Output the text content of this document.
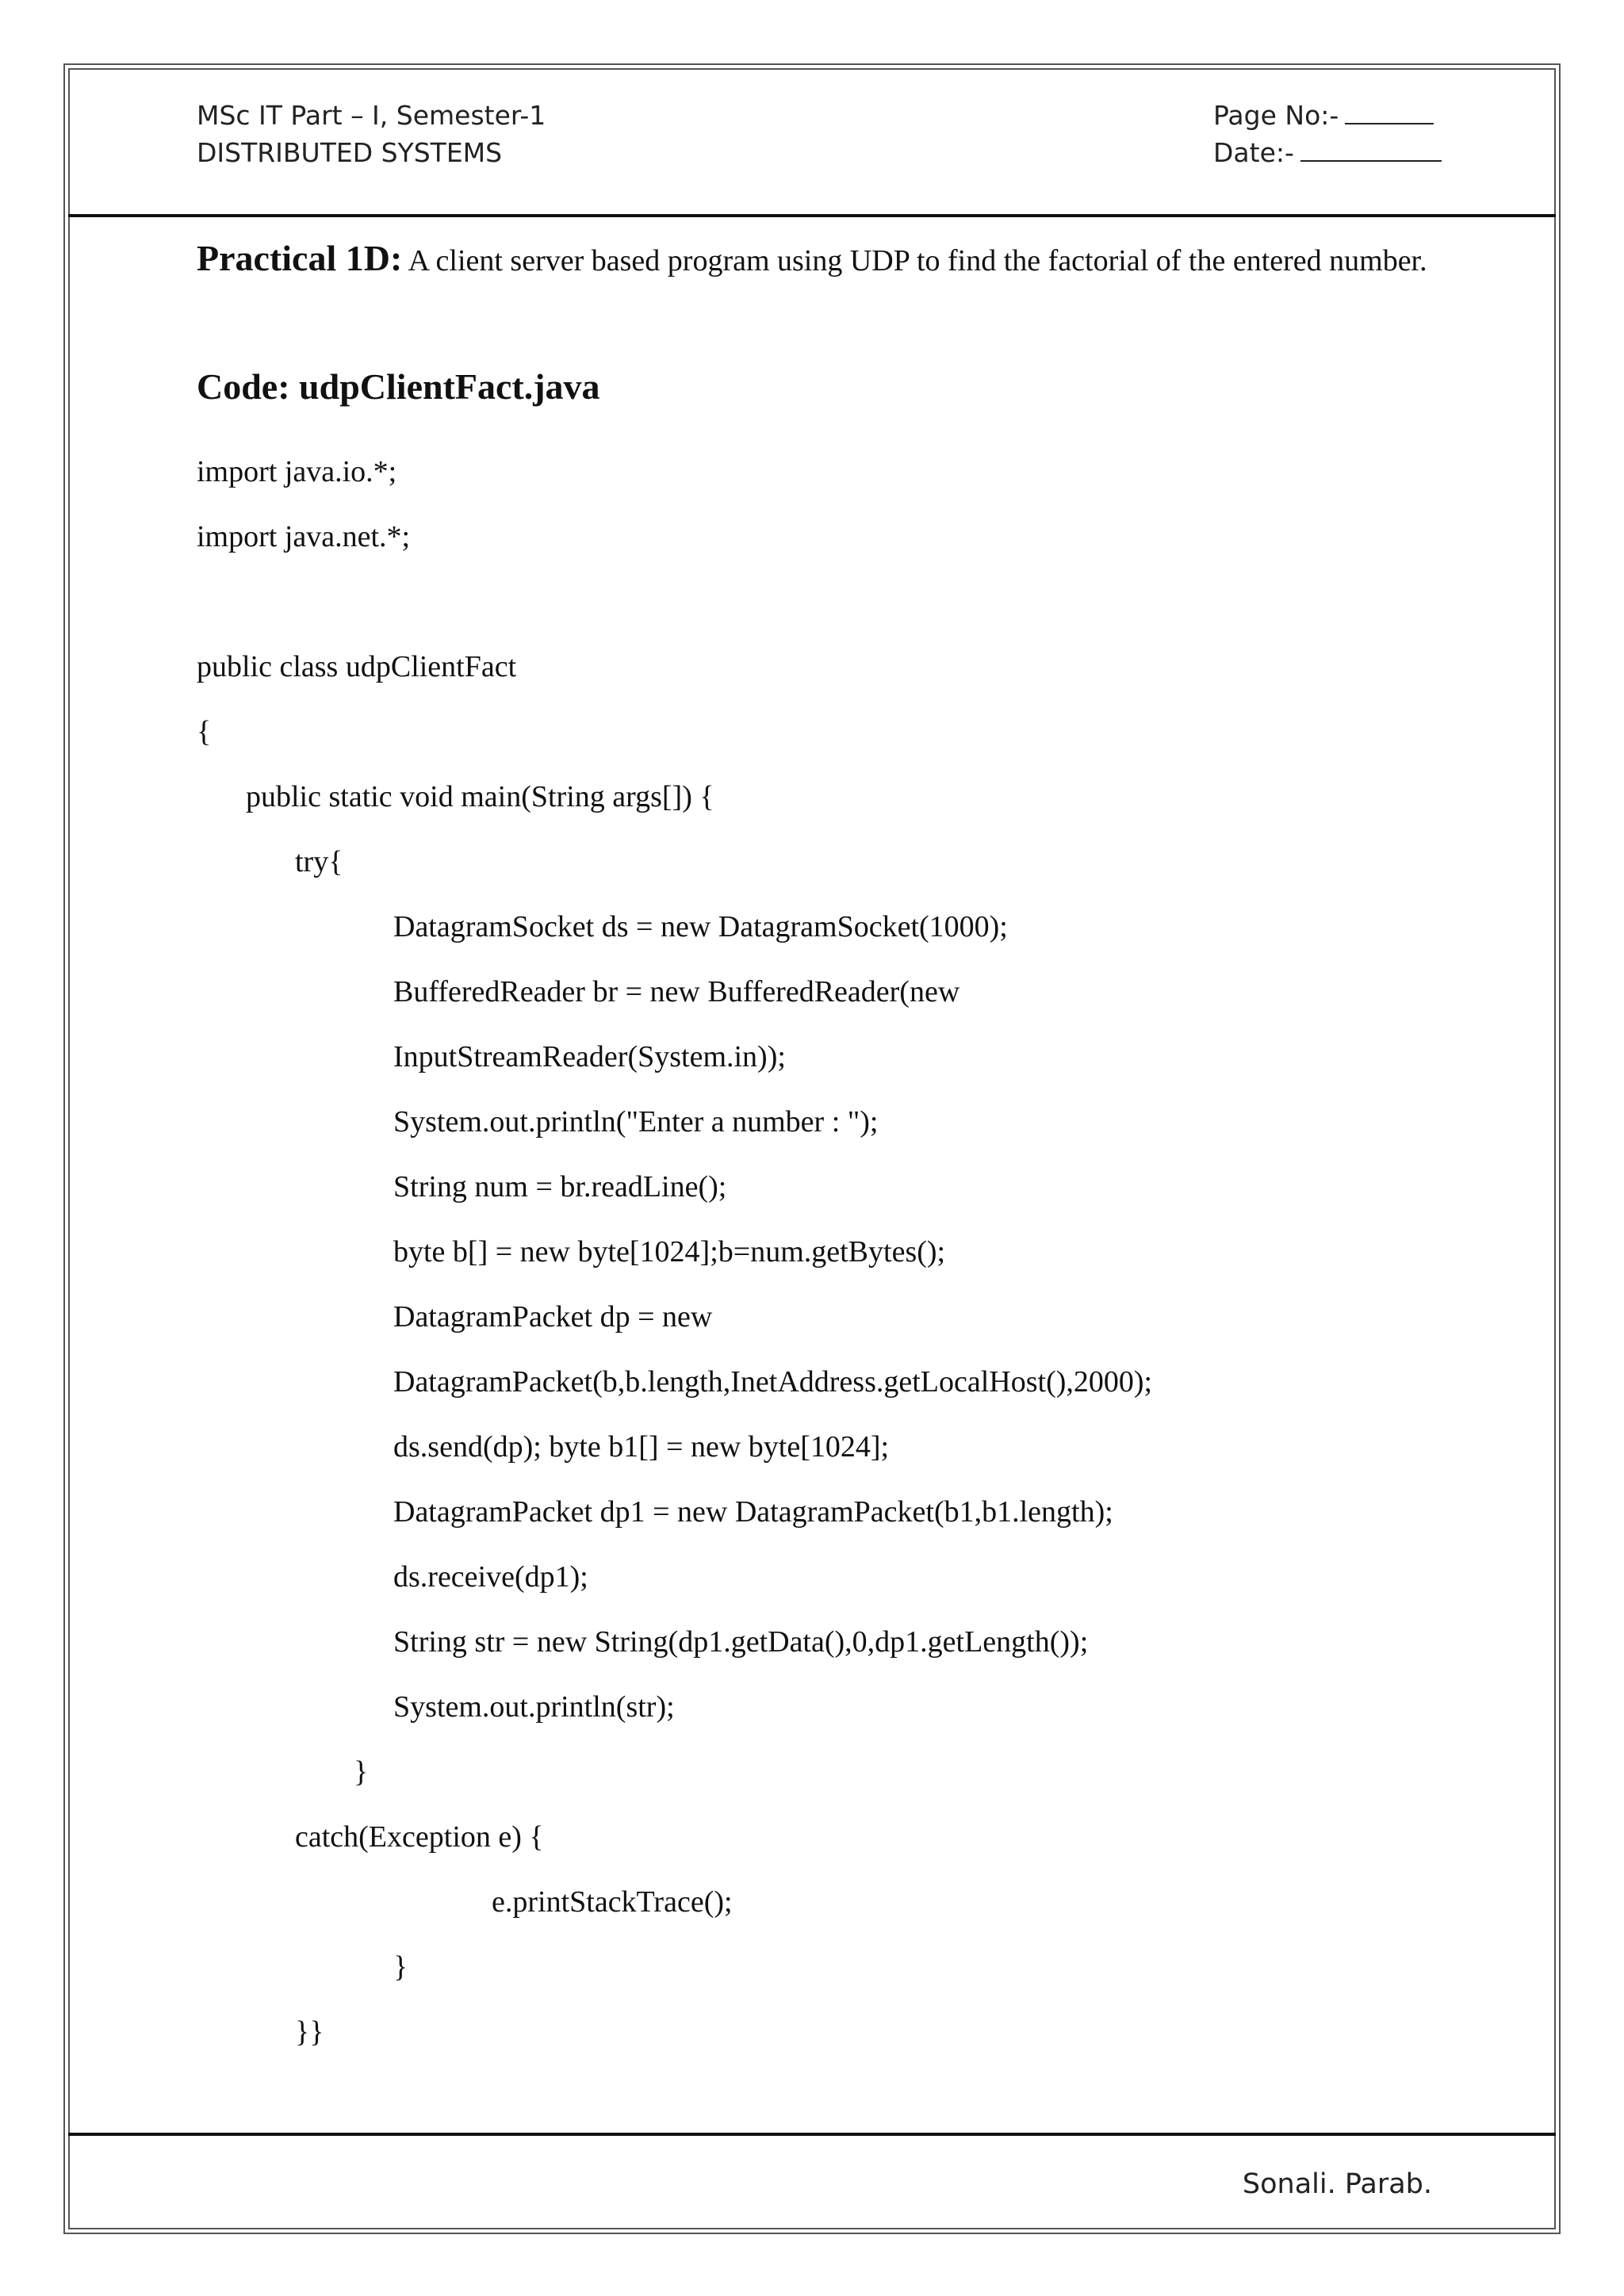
MSc IT Part – I, Semester-1
DISTRIBUTED SYSTEMS
Page No:-
Date:-
Practical 1D: A client server based program using UDP to find the factorial of the entered number.
Code: udpClientFact.java
import java.io.*;
import java.net.*;
public class udpClientFact
{
public static void main(String args[]) {
try{
DatagramSocket ds = new DatagramSocket(1000);
BufferedReader br = new BufferedReader(new
InputStreamReader(System.in));
System.out.println("Enter a number : ");
String num = br.readLine();
byte b[] = new byte[1024];b=num.getBytes();
DatagramPacket dp = new
DatagramPacket(b,b.length,InetAddress.getLocalHost(),2000);
ds.send(dp); byte b1[] = new byte[1024];
DatagramPacket dp1 = new DatagramPacket(b1,b1.length);
ds.receive(dp1);
String str = new String(dp1.getData(),0,dp1.getLength());
System.out.println(str);
}
catch(Exception e) {
e.printStackTrace();
}
}}
Sonali. Parab.
